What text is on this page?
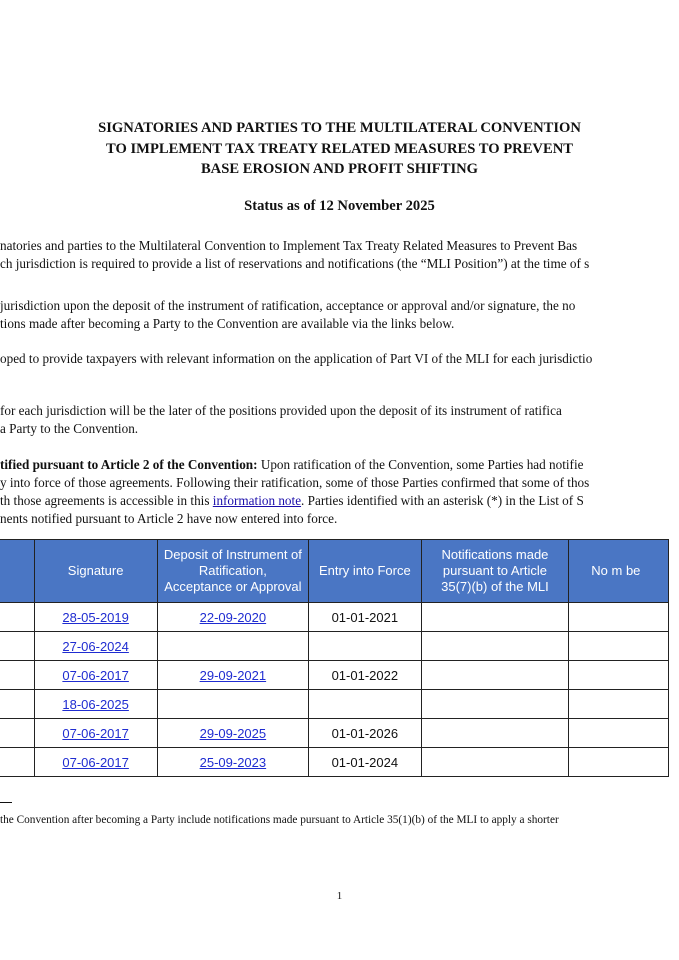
SIGNATORIES AND PARTIES TO THE MULTILATERAL CONVENTION
TO IMPLEMENT TAX TREATY RELATED MEASURES TO PREVENT
BASE EROSION AND PROFIT SHIFTING
Status as of 12 November 2025
natories and parties to the Multilateral Convention to Implement Tax Treaty Related Measures to Prevent Bas
ch jurisdiction is required to provide a list of reservations and notifications (the “MLI Position”) at the time of s
jurisdiction upon the deposit of the instrument of ratification, acceptance or approval and/or signature, the no
tions made after becoming a Party to the Convention are available via the links below.
oped to provide taxpayers with relevant information on the application of Part VI of the MLI for each jurisdictio
for each jurisdiction will be the later of the positions provided upon the deposit of its instrument of ratifica
a Party to the Convention.
tified pursuant to Article 2 of the Convention: Upon ratification of the Convention, some Parties had notifie
y into force of those agreements. Following their ratification, some of those Parties confirmed that some of thos
th those agreements is accessible in this information note. Parties identified with an asterisk (*) in the List of S
nents notified pursuant to Article 2 have now entered into force.
	Signature	Deposit of Instrument of Ratification, Acceptance or Approval	Entry into Force	Notifications made pursuant to Article 35(7)(b) of the MLI	No m be
	28-05-2019	22-09-2020	01-01-2021		
	27-06-2024				
	07-06-2017	29-09-2021	01-01-2022		
	18-06-2025				
	07-06-2017	29-09-2025	01-01-2026		
	07-06-2017	25-09-2023	01-01-2024		
the Convention after becoming a Party include notifications made pursuant to Article 35(1)(b) of the MLI to apply a shorter
1
